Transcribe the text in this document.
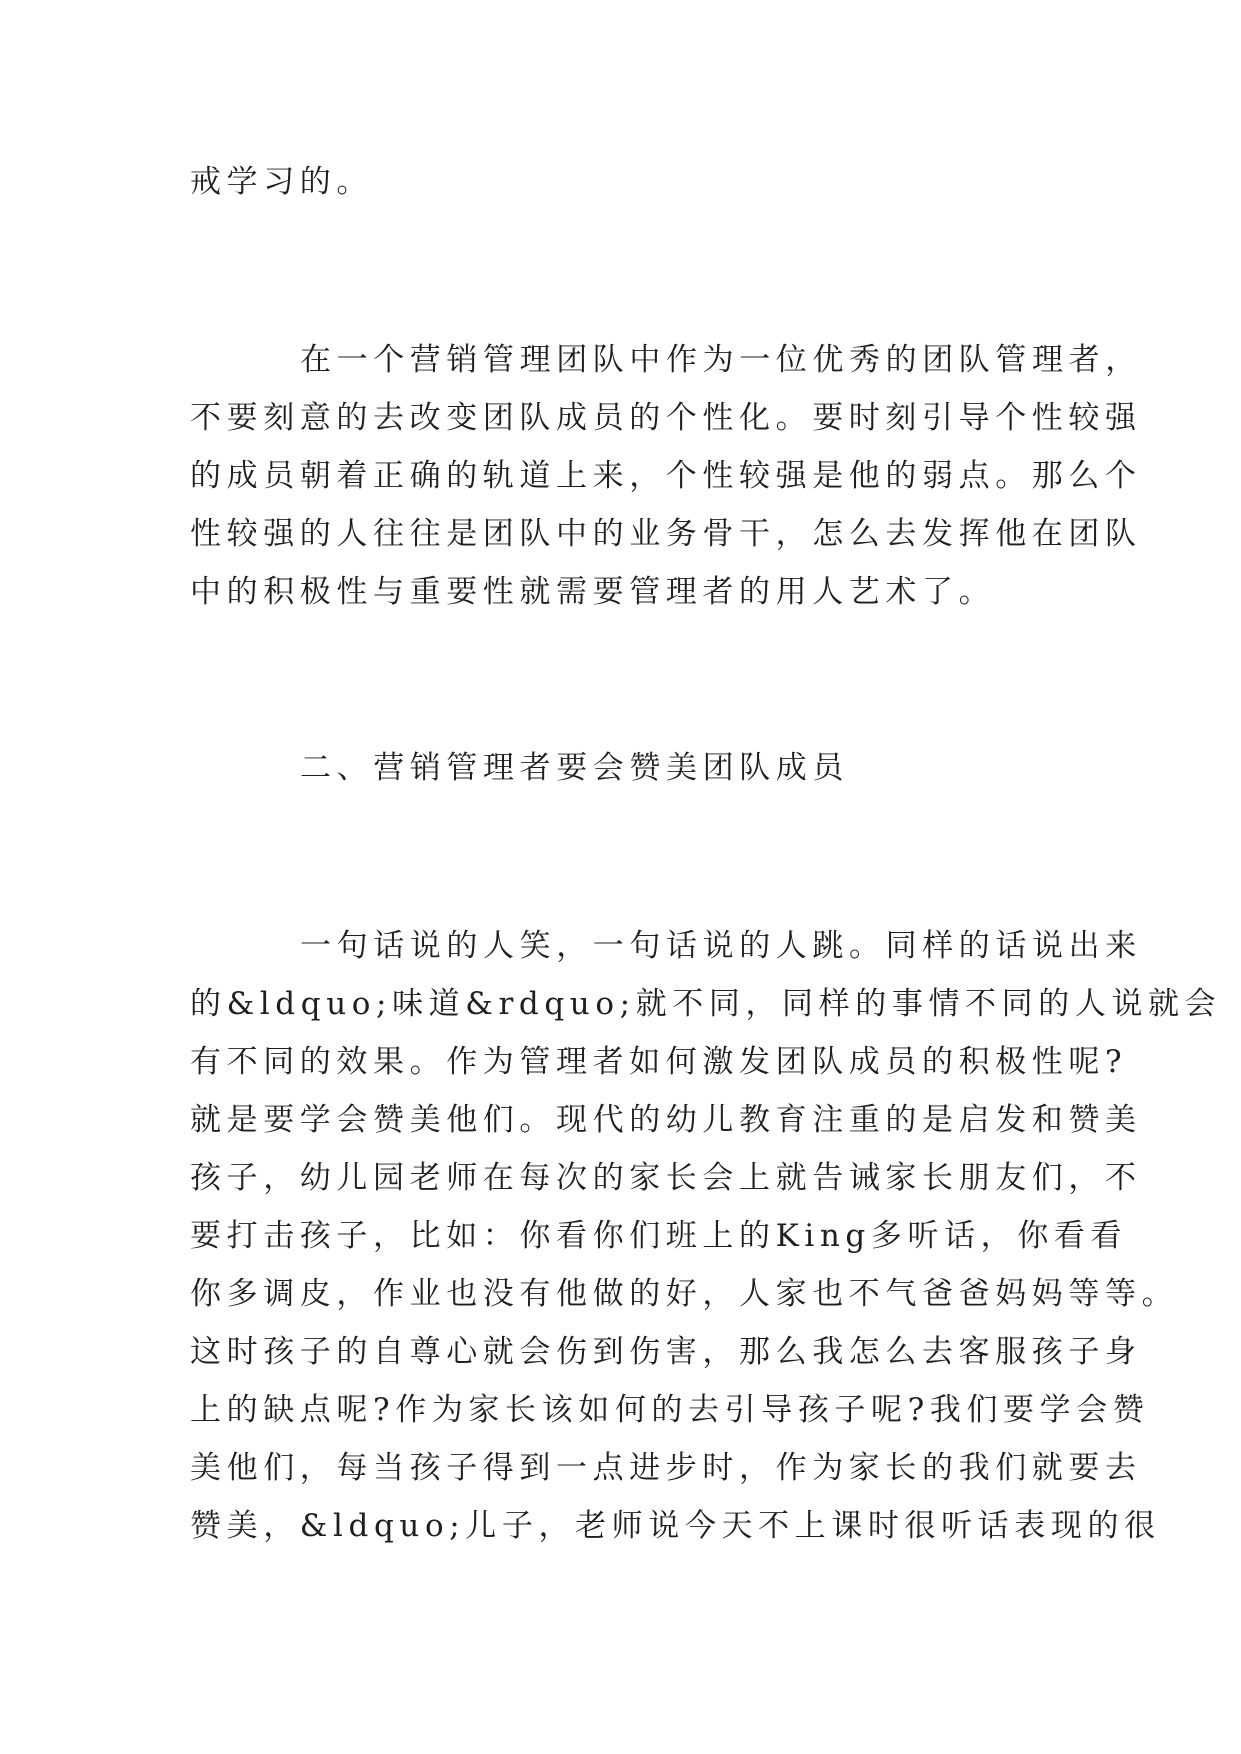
戒学习的。
在一个营销管理团队中作为一位优秀的团队管理者，
不要刻意的去改变团队成员的个性化。要时刻引导个性较强
的成员朝着正确的轨道上来，个性较强是他的弱点。那么个
性较强的人往往是团队中的业务骨干，怎么去发挥他在团队
中的积极性与重要性就需要管理者的用人艺术了。
二、营销管理者要会赞美团队成员
一句话说的人笑，一句话说的人跳。同样的话说出来
的&ldquo;味道&rdquo;就不同，同样的事情不同的人说就会
有不同的效果。作为管理者如何激发团队成员的积极性呢?
就是要学会赞美他们。现代的幼儿教育注重的是启发和赞美
孩子，幼儿园老师在每次的家长会上就告诫家长朋友们，不
要打击孩子，比如：你看你们班上的King多听话，你看看
你多调皮，作业也没有他做的好，人家也不气爸爸妈妈等等。
这时孩子的自尊心就会伤到伤害，那么我怎么去客服孩子身
上的缺点呢?作为家长该如何的去引导孩子呢?我们要学会赞
美他们，每当孩子得到一点进步时，作为家长的我们就要去
赞美，&ldquo;儿子，老师说今天不上课时很听话表现的很
